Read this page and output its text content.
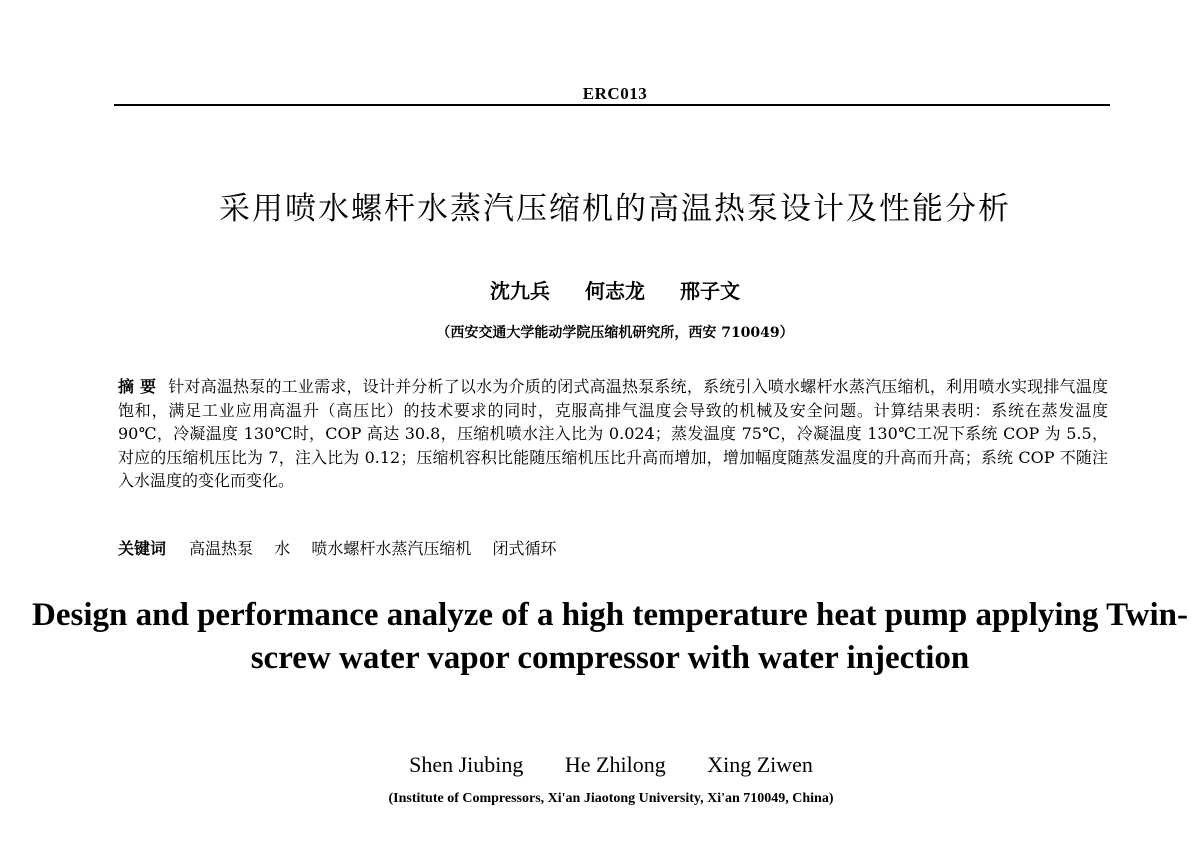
ERC013
采用喷水螺杆水蒸汽压缩机的高温热泵设计及性能分析
沈九兵 何志龙 邢子文
（西安交通大学能动学院压缩机研究所，西安 710049）
摘 要 针对高温热泵的工业需求，设计并分析了以水为介质的闭式高温热泵系统，系统引入喷水螺杆水蒸汽压缩机，利用喷水实现排气温度饱和，满足工业应用高温升（高压比）的技术要求的同时，克服高排气温度会导致的机械及安全问题。计算结果表明：系统在蒸发温度 90℃，冷凝温度 130℃时，COP 高达 30.8，压缩机喷水注入比为 0.024；蒸发温度 75℃，冷凝温度 130℃工况下系统 COP 为 5.5，对应的压缩机压比为 7，注入比为 0.12；压缩机容积比能随压缩机压比升高而增加，增加幅度随蒸发温度的升高而升高；系统 COP 不随注入水温度的变化而变化。
关键词 高温热泵 水 喷水螺杆水蒸汽压缩机 闭式循环
Design and performance analyze of a high temperature heat pump applying Twin-screw water vapor compressor with water injection
Shen Jiubing He Zhilong Xing Ziwen
(Institute of Compressors, Xi'an Jiaotong University, Xi'an 710049, China)
